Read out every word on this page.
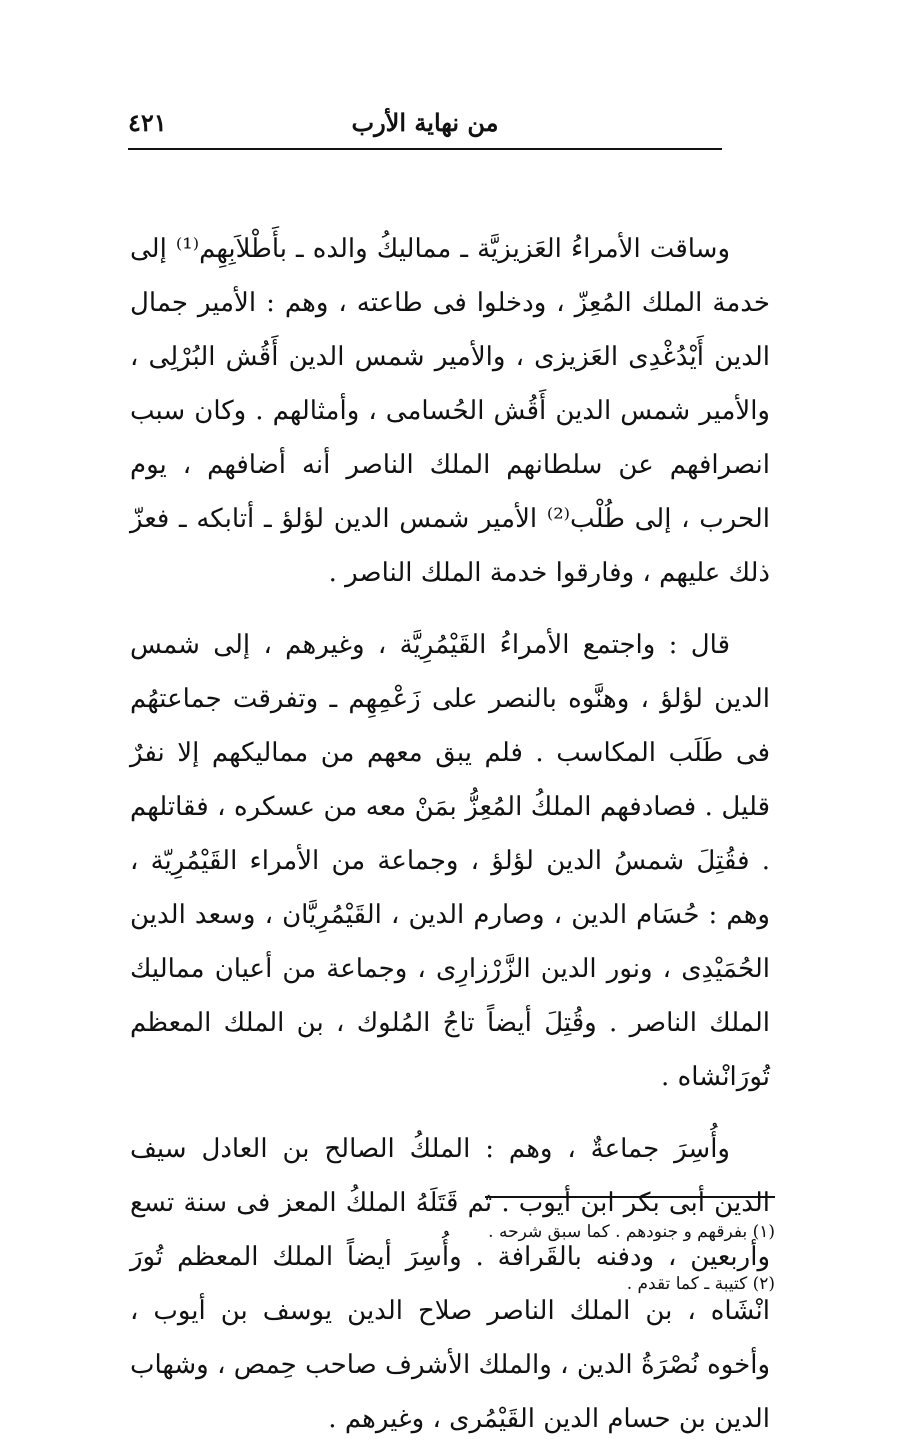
من نهاية الأرب
٤٢١

وساقت الأمراءُ العَزيزيَّة ـ مماليكُ والده ـ بأَطْلاَبِهِم⁽¹⁾ إلى خدمة الملك المُعِزّ ، ودخلوا فى طاعته ، وهم : الأمير جمال الدين أَيْدُغْدِى العَزيزى ، والأمير شمس الدين أَقُش البُرْلِى ، والأمير شمس الدين أَقُش الحُسامى ، وأمثالهم . وكان سبب انصرافهم عن سلطانهم الملك الناصر أنه أضافهم ، يوم الحرب ، إلى طُلْب⁽²⁾ الأمير شمس الدين لؤلؤ ـ أتابكه ـ فعزّ ذلك عليهم ، وفارقوا خدمة الملك الناصر .

قال : واجتمع الأمراءُ القَيْمُرِيَّة ، وغيرهم ، إلى شمس الدين لؤلؤ ، وهنَّوه بالنصر على زَعْمِهِم ـ وتفرقت جماعتهُم فى طَلَب المكاسب . فلم يبق معهم من مماليكهم إلا نفرٌ قليل . فصادفهم الملكُ المُعِزُّ بمَنْ معه من عسكره ، فقاتلهم . فقُتِلَ شمسُ الدين لؤلؤ ، وجماعة من الأمراء القَيْمُرِيّة ، وهم : حُسَام الدين ، وصارم الدين ، القَيْمُرِيَّان ، وسعد الدين الحُمَيْدِى ، ونور الدين الزَّرْزارِى ، وجماعة من أعيان مماليك الملك الناصر . وقُتِلَ أيضاً تاجُ المُلوك ، بن الملك المعظم تُورَانْشاه .

وأُسِرَ جماعةٌ ، وهم : الملكُ الصالح بن العادل سيف الدين أبى بكر ابن أيوب . ثم قَتَلَهُ الملكُ المعز فى سنة تسع وأربعين ، ودفنه بالقَرافة . وأُسِرَ أيضاً الملك المعظم تُورَ انْشَاه ، بن الملك الناصر صلاح الدين يوسف بن أيوب ، وأخوه نُصْرَةُ الدين ، والملك الأشرف صاحب حِمص ، وشهاب الدين بن حسام الدين القَيْمُرى ، وغيرهم .

(١) بفرقهم و جنودهم . كما سبق شرحه .

(٢) كتيبة ـ كما تقدم .
